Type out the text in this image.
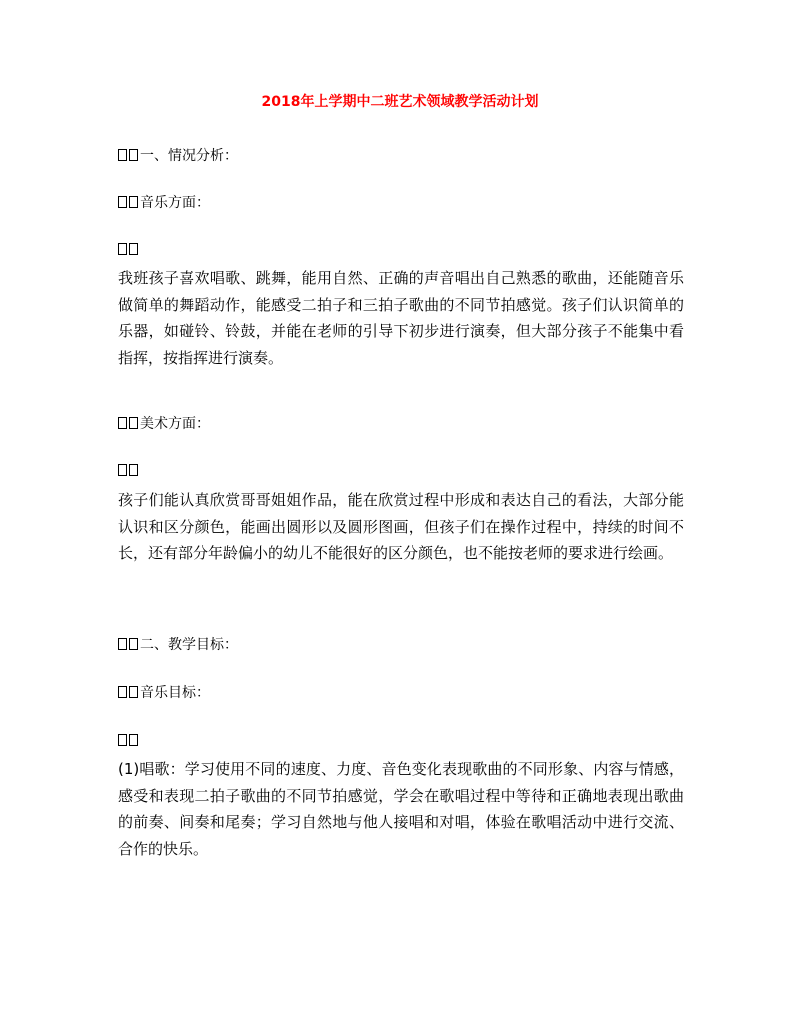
2018年上学期中二班艺术领域教学活动计划
一、情况分析：
音乐方面：
我班孩子喜欢唱歌、跳舞，能用自然、正确的声音唱出自己熟悉的歌曲，还能随音乐做简单的舞蹈动作，能感受二拍子和三拍子歌曲的不同节拍感觉。孩子们认识简单的乐器，如碰铃、铃鼓，并能在老师的引导下初步进行演奏，但大部分孩子不能集中看指挥，按指挥进行演奏。
美术方面：
孩子们能认真欣赏哥哥姐姐作品，能在欣赏过程中形成和表达自己的看法，大部分能认识和区分颜色，能画出圆形以及圆形图画，但孩子们在操作过程中，持续的时间不长，还有部分年龄偏小的幼儿不能很好的区分颜色，也不能按老师的要求进行绘画。
二、教学目标：
音乐目标：
(1)唱歌：学习使用不同的速度、力度、音色变化表现歌曲的不同形象、内容与情感，感受和表现二拍子歌曲的不同节拍感觉，学会在歌唱过程中等待和正确地表现出歌曲的前奏、间奏和尾奏；学习自然地与他人接唱和对唱，体验在歌唱活动中进行交流、合作的快乐。
